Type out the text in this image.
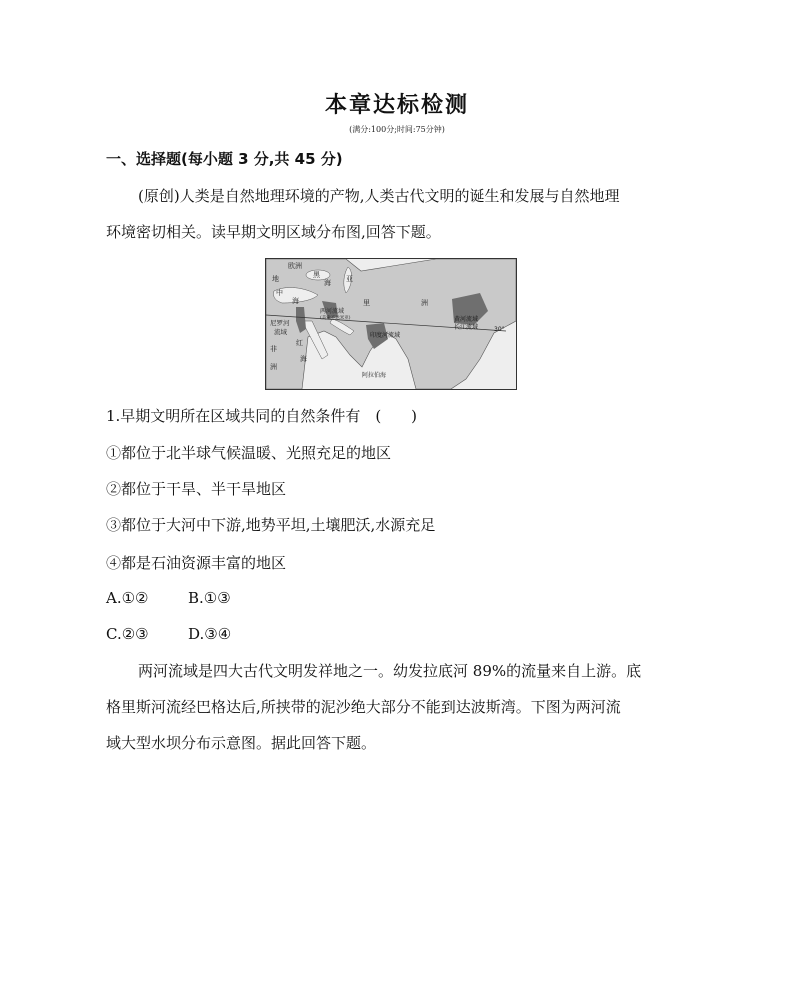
本章达标检测
(满分:100分;时间:75分钟)
一、选择题(每小题 3 分,共 45 分)
(原创)人类是自然地理环境的产物,人类古代文明的诞生和发展与自然地理
环境密切相关。读早期文明区域分布图,回答下题。
欧洲
地
中
海
黑
海 亚
里	洲
两河流域
(美索不达米亚)
尼罗河
流域
红
海
非
洲
印度河流域
黄河流域
长江流域	30°
阿拉伯海
1.早期文明所在区域共同的自然条件有　(　　)
①都位于北半球气候温暖、光照充足的地区
②都位于干旱、半干旱地区
③都位于大河中下游,地势平坦,土壤肥沃,水源充足
④都是石油资源丰富的地区
A.①②	B.①③
C.②③	D.③④
两河流域是四大古代文明发祥地之一。幼发拉底河 89%的流量来自上游。底
格里斯河流经巴格达后,所挟带的泥沙绝大部分不能到达波斯湾。下图为两河流
域大型水坝分布示意图。据此回答下题。
